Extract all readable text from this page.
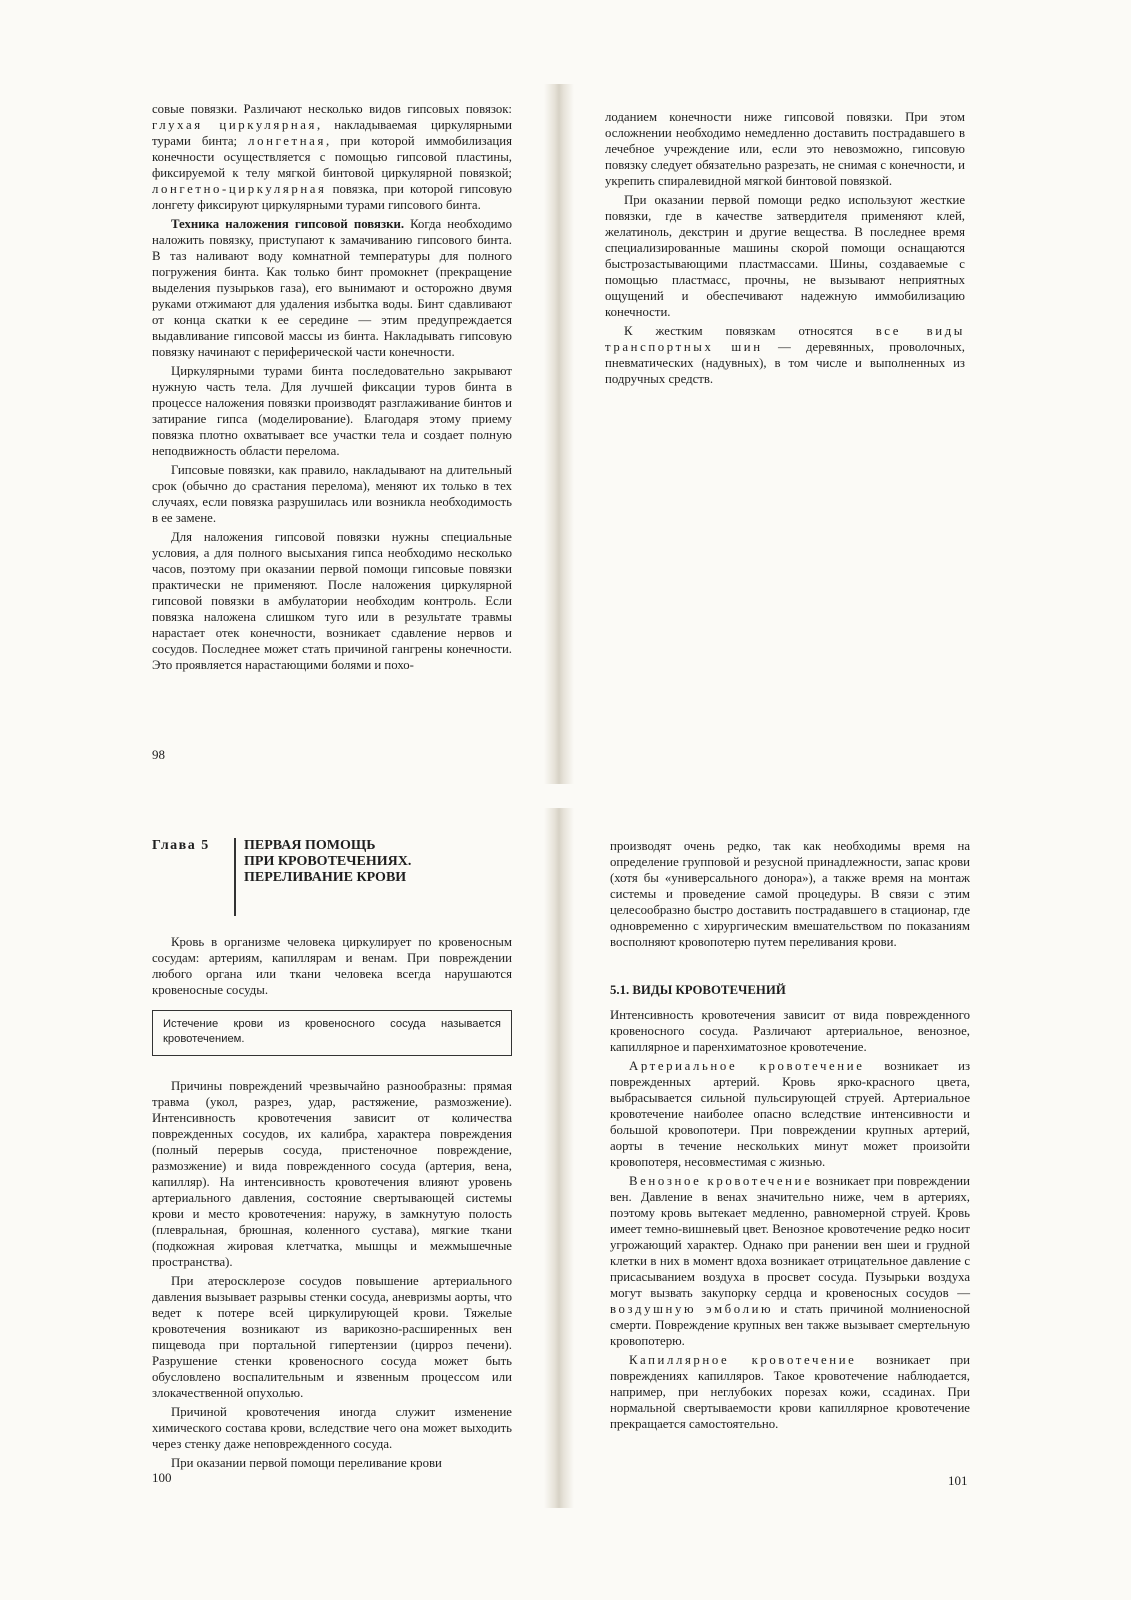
совые повязки. Различают несколько видов гипсовых повязок: глухая циркулярная, накладываемая циркулярными турами бинта; лонгетная, при которой иммобилизация конечности осуществляется с помощью гипсовой пластины, фиксируемой к телу мягкой бинтовой циркулярной повязкой; лонгетно-циркулярная повязка, при которой гипсовую лонгету фиксируют циркулярными турами гипсового бинта.

Техника наложения гипсовой повязки. Когда необходимо наложить повязку, приступают к замачиванию гипсового бинта. В таз наливают воду комнатной температуры для полного погружения бинта. Как только бинт промокнет (прекращение выделения пузырьков газа), его вынимают и осторожно двумя руками отжимают для удаления избытка воды. Бинт сдавливают от конца скатки к ее середине — этим предупреждается выдавливание гипсовой массы из бинта. Накладывать гипсовую повязку начинают с периферической части конечности.

Циркулярными турами бинта последовательно закрывают нужную часть тела. Для лучшей фиксации туров бинта в процессе наложения повязки производят разглаживание бинтов и затирание гипса (моделирование). Благодаря этому приему повязка плотно охватывает все участки тела и создает полную неподвижность области перелома.

Гипсовые повязки, как правило, накладывают на длительный срок (обычно до срастания перелома), меняют их только в тех случаях, если повязка разрушилась или возникла необходимость в ее замене.

Для наложения гипсовой повязки нужны специальные условия, а для полного высыхания гипса необходимо несколько часов, поэтому при оказании первой помощи гипсовые повязки практически не применяют. После наложения циркулярной гипсовой повязки в амбулатории необходим контроль. Если повязка наложена слишком туго или в результате травмы нарастает отек конечности, возникает сдавление нервов и сосудов. Последнее может стать причиной гангрены конечности. Это проявляется нарастающими болями и похо-

98

лоданием конечности ниже гипсовой повязки. При этом осложнении необходимо немедленно доставить пострадавшего в лечебное учреждение или, если это невозможно, гипсовую повязку следует обязательно разрезать, не снимая с конечности, и укрепить спиралевидной мягкой бинтовой повязкой.

При оказании первой помощи редко используют жесткие повязки, где в качестве затвердителя применяют клей, желатиноль, декстрин и другие вещества. В последнее время специализированные машины скорой помощи оснащаются быстрозастывающими пластмассами. Шины, создаваемые с помощью пластмасс, прочны, не вызывают неприятных ощущений и обеспечивают надежную иммобилизацию конечности.

К жестким повязкам относятся все виды транспортных шин — деревянных, проволочных, пневматических (надувных), в том числе и выполненных из подручных средств.

Глава 5 ПЕРВАЯ ПОМОЩЬ
ПРИ КРОВОТЕЧЕНИЯХ.
ПЕРЕЛИВАНИЕ КРОВИ

Кровь в организме человека циркулирует по кровеносным сосудам: артериям, капиллярам и венам. При повреждении любого органа или ткани человека всегда нарушаются кровеносные сосуды.

Истечение крови из кровеносного сосуда называется кровотечением.

Причины повреждений чрезвычайно разнообразны: прямая травма (укол, разрез, удар, растяжение, размозжение). Интенсивность кровотечения зависит от количества поврежденных сосудов, их калибра, характера повреждения (полный перерыв сосуда, пристеночное повреждение, размозжение) и вида поврежденного сосуда (артерия, вена, капилляр). На интенсивность кровотечения влияют уровень артериального давления, состояние свертывающей системы крови и место кровотечения: наружу, в замкнутую полость (плевральная, брюшная, коленного сустава), мягкие ткани (подкожная жировая клетчатка, мышцы и межмышечные пространства).

При атеросклерозе сосудов повышение артериального давления вызывает разрывы стенки сосуда, аневризмы аорты, что ведет к потере всей циркулирующей крови. Тяжелые кровотечения возникают из варикозно-расширенных вен пищевода при портальной гипертензии (цирроз печени). Разрушение стенки кровеносного сосуда может быть обусловлено воспалительным и язвенным процессом или злокачественной опухолью.

Причиной кровотечения иногда служит изменение химического состава крови, вследствие чего она может выходить через стенку даже неповрежденного сосуда.

При оказании первой помощи переливание крови

100

производят очень редко, так как необходимы время на определение групповой и резусной принадлежности, запас крови (хотя бы «универсального донора»), а также время на монтаж системы и проведение самой процедуры. В связи с этим целесообразно быстро доставить пострадавшего в стационар, где одновременно с хирургическим вмешательством по показаниям восполняют кровопотерю путем переливания крови.

5.1. ВИДЫ КРОВОТЕЧЕНИЙ

Интенсивность кровотечения зависит от вида поврежденного кровеносного сосуда. Различают артериальное, венозное, капиллярное и паренхиматозное кровотечение.

Артериальное кровотечение возникает из поврежденных артерий. Кровь ярко-красного цвета, выбрасывается сильной пульсирующей струей. Артериальное кровотечение наиболее опасно вследствие интенсивности и большой кровопотери. При повреждении крупных артерий, аорты в течение нескольких минут может произойти кровопотеря, несовместимая с жизнью.

Венозное кровотечение возникает при повреждении вен. Давление в венах значительно ниже, чем в артериях, поэтому кровь вытекает медленно, равномерной струей. Кровь имеет темно-вишневый цвет. Венозное кровотечение редко носит угрожающий характер. Однако при ранении вен шеи и грудной клетки в них в момент вдоха возникает отрицательное давление с присасыванием воздуха в просвет сосуда. Пузырьки воздуха могут вызвать закупорку сердца и кровеносных сосудов — воздушную эмболию и стать причиной молниеносной смерти. Повреждение крупных вен также вызывает смертельную кровопотерю.

Капиллярное кровотечение возникает при повреждениях капилляров. Такое кровотечение наблюдается, например, при неглубоких порезах кожи, ссадинах. При нормальной свертываемости крови капиллярное кровотечение прекращается самостоятельно.

101
